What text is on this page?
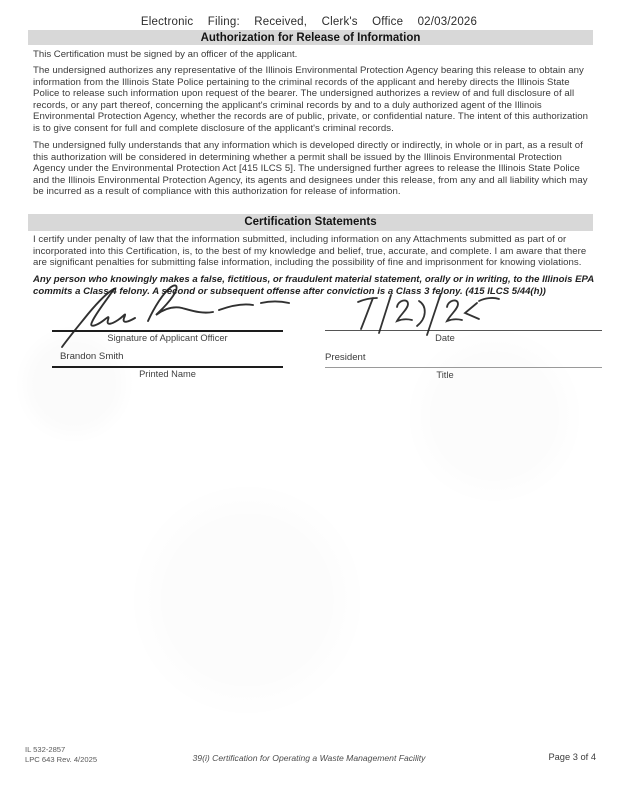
Electronic Filing: Received, Clerk's Office 02/03/2026
Authorization for Release of Information
This Certification must be signed by an officer of the applicant.
The undersigned authorizes any representative of the Illinois Environmental Protection Agency bearing this release to obtain any information from the Illinois State Police pertaining to the criminal records of the applicant and hereby directs the Illinois State Police to release such information upon request of the bearer. The undersigned authorizes a review of and full disclosure of all records, or any part thereof, concerning the applicant's criminal records by and to a duly authorized agent of the Illinois Environmental Protection Agency, whether the records are of public, private, or confidential nature. The intent of this authorization is to give consent for full and complete disclosure of the applicant's criminal records.
The undersigned fully understands that any information which is developed directly or indirectly, in whole or in part, as a result of this authorization will be considered in determining whether a permit shall be issued by the Illinois Environmental Protection Agency under the Environmental Protection Act [415 ILCS 5]. The undersigned further agrees to release the Illinois State Police and the Illinois Environmental Protection Agency, its agents and designees under this release, from any and all liability which may be incurred as a result of compliance with this authorization for release of information.
Certification Statements
I certify under penalty of law that the information submitted, including information on any Attachments submitted as part of or incorporated into this Certification, is, to the best of my knowledge and belief, true, accurate, and complete. I am aware that there are significant penalties for submitting false information, including the possibility of fine and imprisonment for knowing violations.
Any person who knowingly makes a false, fictitious, or fraudulent material statement, orally or in writing, to the Illinois EPA commits a Class 4 felony. A second or subsequent offense after conviction is a Class 3 felony. (415 ILCS 5/44(h))
Signature of Applicant Officer	Date
Brandon Smith	President
Printed Name	Title
IL 532-2857
LPC 643 Rev. 4/2025	39(i) Certification for Operating a Waste Management Facility	Page 3 of 4
